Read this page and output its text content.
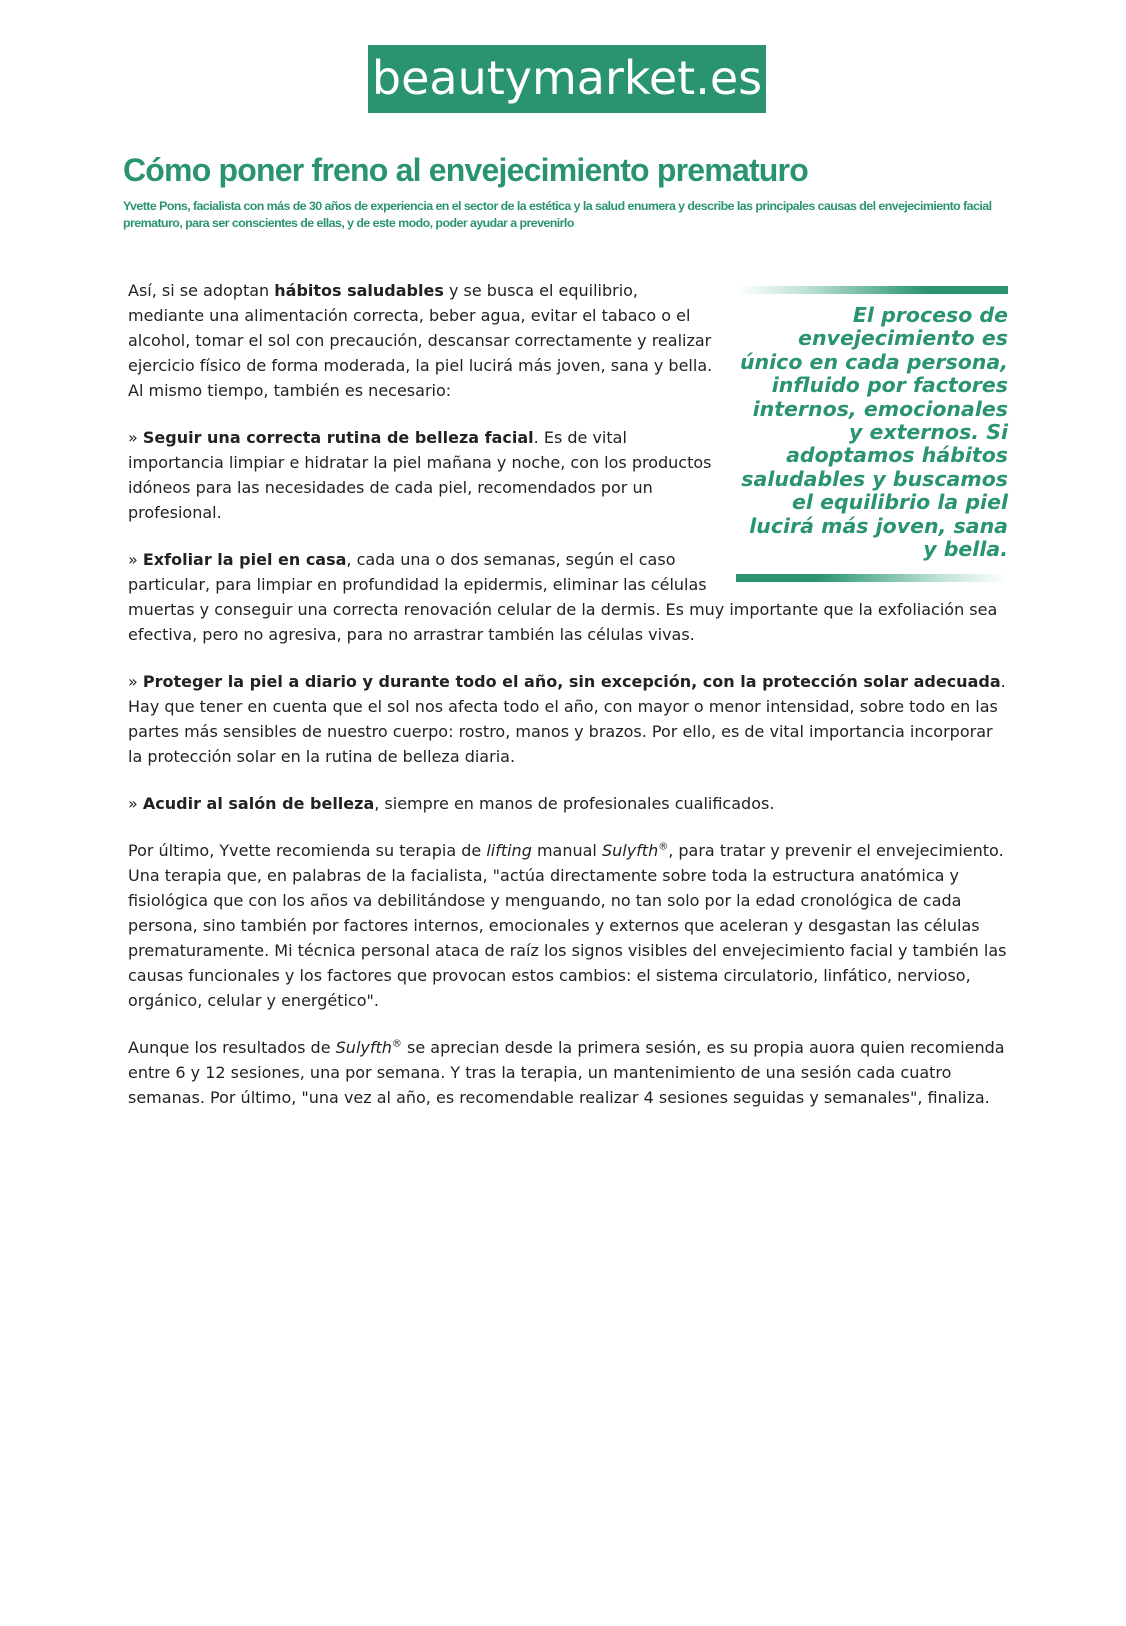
beautymarket.es
Cómo poner freno al envejecimiento prematuro

Yvette Pons, facialista con más de 30 años de experiencia en el sector de la estética y la salud enumera y describe las principales causas del envejecimiento facial prematuro, para ser conscientes de ellas, y de este modo, poder ayudar a prevenirlo

El proceso de
envejecimiento es
único en cada persona,
influido por factores
internos, emocionales
y externos. Si
adoptamos hábitos
saludables y buscamos
el equilibrio la piel
lucirá más joven, sana
y bella.

Así, si se adoptan hábitos saludables y se busca el equilibrio, mediante una alimentación correcta, beber agua, evitar el tabaco o el alcohol, tomar el sol con precaución, descansar correctamente y realizar ejercicio físico de forma moderada, la piel lucirá más joven, sana y bella. Al mismo tiempo, también es necesario:

» Seguir una correcta rutina de belleza facial. Es de vital importancia limpiar e hidratar la piel mañana y noche, con los productos idóneos para las necesidades de cada piel, recomendados por un profesional.

» Exfoliar la piel en casa, cada una o dos semanas, según el caso particular, para limpiar en profundidad la epidermis, eliminar las células muertas y conseguir una correcta renovación celular de la dermis. Es muy importante que la exfoliación sea efectiva, pero no agresiva, para no arrastrar también las células vivas.

» Proteger la piel a diario y durante todo el año, sin excepción, con la protección solar adecuada. Hay que tener en cuenta que el sol nos afecta todo el año, con mayor o menor intensidad, sobre todo en las partes más sensibles de nuestro cuerpo: rostro, manos y brazos. Por ello, es de vital importancia incorporar la protección solar en la rutina de belleza diaria.

» Acudir al salón de belleza, siempre en manos de profesionales cualificados.

Por último, Yvette recomienda su terapia de lifting manual Sulyfth®, para tratar y prevenir el envejecimiento.

Una terapia que, en palabras de la facialista, "actúa directamente sobre toda la estructura anatómica y fisiológica que con los años va debilitándose y menguando, no tan solo por la edad cronológica de cada persona, sino también por factores internos, emocionales y externos que aceleran y desgastan las células prematuramente. Mi técnica personal ataca de raíz los signos visibles del envejecimiento facial y también las causas funcionales y los factores que provocan estos cambios: el sistema circulatorio, linfático, nervioso, orgánico, celular y energético".

Aunque los resultados de Sulyfth® se aprecian desde la primera sesión, es su propia auora quien recomienda entre 6 y 12 sesiones, una por semana. Y tras la terapia, un mantenimiento de una sesión cada cuatro semanas. Por último, "una vez al año, es recomendable realizar 4 sesiones seguidas y semanales", finaliza.
